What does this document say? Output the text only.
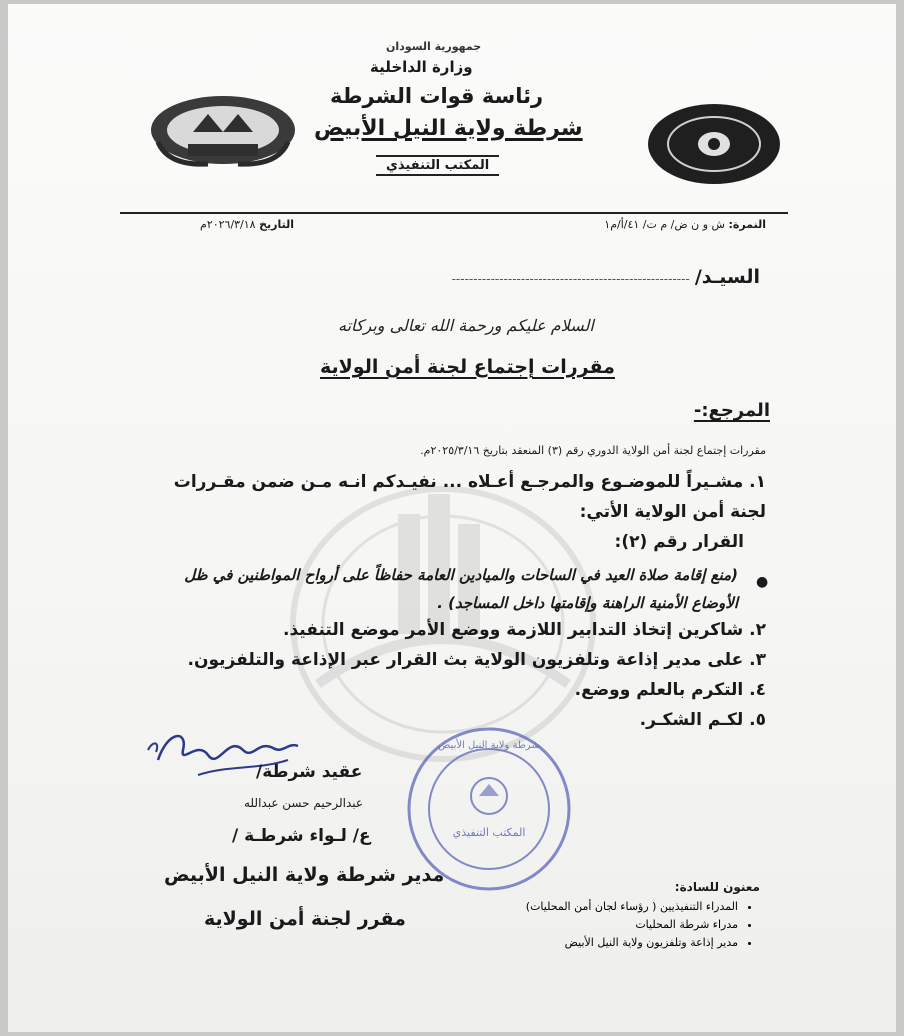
جمهورية السودان
وزارة الداخلية
رئاسة قوات الشرطة
شرطة ولاية النيل الأبيض
المكتب التنفيذي
النمرة: ش و ن ض/ م ت/ ٤١/أ/م١
التاريخ ٢٠٢٦/٣/١٨م
السيـد/ -------------------------------------------------------
السلام عليكم ورحمة الله تعالى وبركاته
مقررات إجتماع لجنة أمن الولاية
المرجع:-
مقررات إجتماع لجنة أمن الولاية الدوري رقم (٣) المنعقد بتاريخ ٢٠٢٥/٣/١٦م.
١. مشـيراً للموضـوع والمرجـع أعـلاه ... نفيـدكم انـه مـن ضمن مقـررات
لجنة أمن الولاية الأتي:
القرار رقم (٢):
●
(منع إقامة صلاة العيد في الساحات والميادين العامة حفاظاً على أرواح المواطنين في ظل
الأوضاع الأمنية الراهنة وإقامتها داخل المساجد) .
٢. شاكرين إتخاذ التدابير اللازمة ووضع الأمر موضع التنفيذ.
٣. على مدير إذاعة وتلفزيون الولاية بث القرار عبر الإذاعة والتلفزيون.
٤. التكرم بالعلم ووضع.
٥. لكـم الشكـر.
عقيد شرطة/
عبدالرحيم حسن عبدالله
ع/ لـواء شرطـة /
مدير شرطة ولاية النيل الأبيض
مقرر لجنة أمن الولاية
المكتب التنفيذي
شرطة ولاية النيل الأبيض
معنون للسادة:
• المدراء التنفيذيين ( رؤساء لجان أمن المحليات)
• مدراء شرطة المحليات
• مدير إذاعة وتلفزيون ولاية النيل الأبيض
